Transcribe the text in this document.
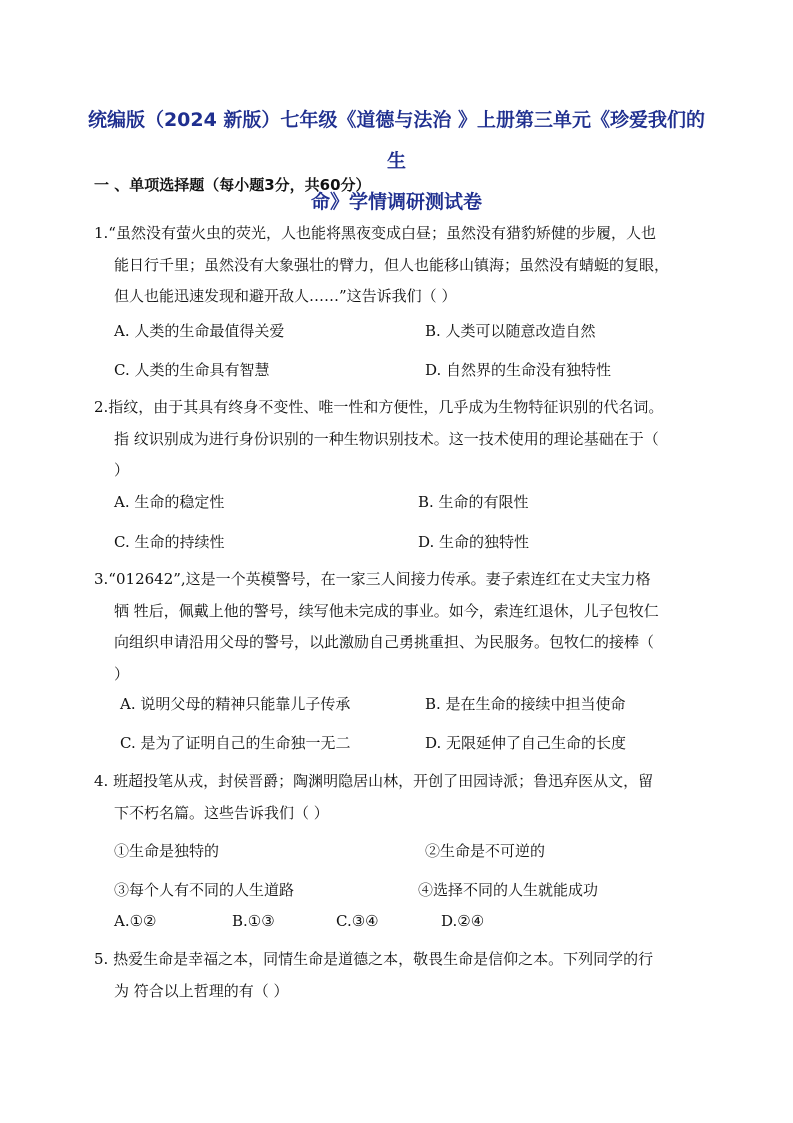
统编版（2024 新版）七年级《道德与法治 》上册第三单元《珍爱我们的生
命》学情调研测试卷
一 、单项选择题（每小题3分，共60分）

1.“虽然没有萤火虫的荧光，人也能将黑夜变成白昼；虽然没有猎豹矫健的步履，人也

能日行千里；虽然没有大象强壮的臂力，但人也能移山镇海；虽然没有蜻蜓的复眼，
但人也能迅速发现和避开敌人……”这告诉我们（ ）

A. 人类的生命最值得关爱	B. 人类可以随意改造自然
C. 人类的生命具有智慧	D. 自然界的生命没有独特性

2.指纹，由于其具有终身不变性、唯一性和方便性，几乎成为生物特征识别的代名词。

指 纹识别成为进行身份识别的一种生物识别技术。这一技术使用的理论基础在于（
）

A. 生命的稳定性	B. 生命的有限性
C. 生命的持续性	D. 生命的独特性

3.“012642”,这是一个英模警号，在一家三人间接力传承。妻子索连红在丈夫宝力格

牺 牲后，佩戴上他的警号，续写他未完成的事业。如今，索连红退休，儿子包牧仁
向组织申请沿用父母的警号，以此激励自己勇挑重担、为民服务。包牧仁的接棒（
）

A. 说明父母的精神只能靠儿子传承	B. 是在生命的接续中担当使命
C. 是为了证明自己的生命独一无二	D. 无限延伸了自己生命的长度

4. 班超投笔从戎，封侯晋爵；陶渊明隐居山林，开创了田园诗派；鲁迅弃医从文，留

下不朽名篇。这些告诉我们（ ）

①生命是独特的	②生命是不可逆的
③每个人有不同的人生道路	④选择不同的人生就能成功
A.①②	B.①③	C.③④	D.②④

5. 热爱生命是幸福之本，同情生命是道德之本，敬畏生命是信仰之本。下列同学的行

为 符合以上哲理的有（ ）
